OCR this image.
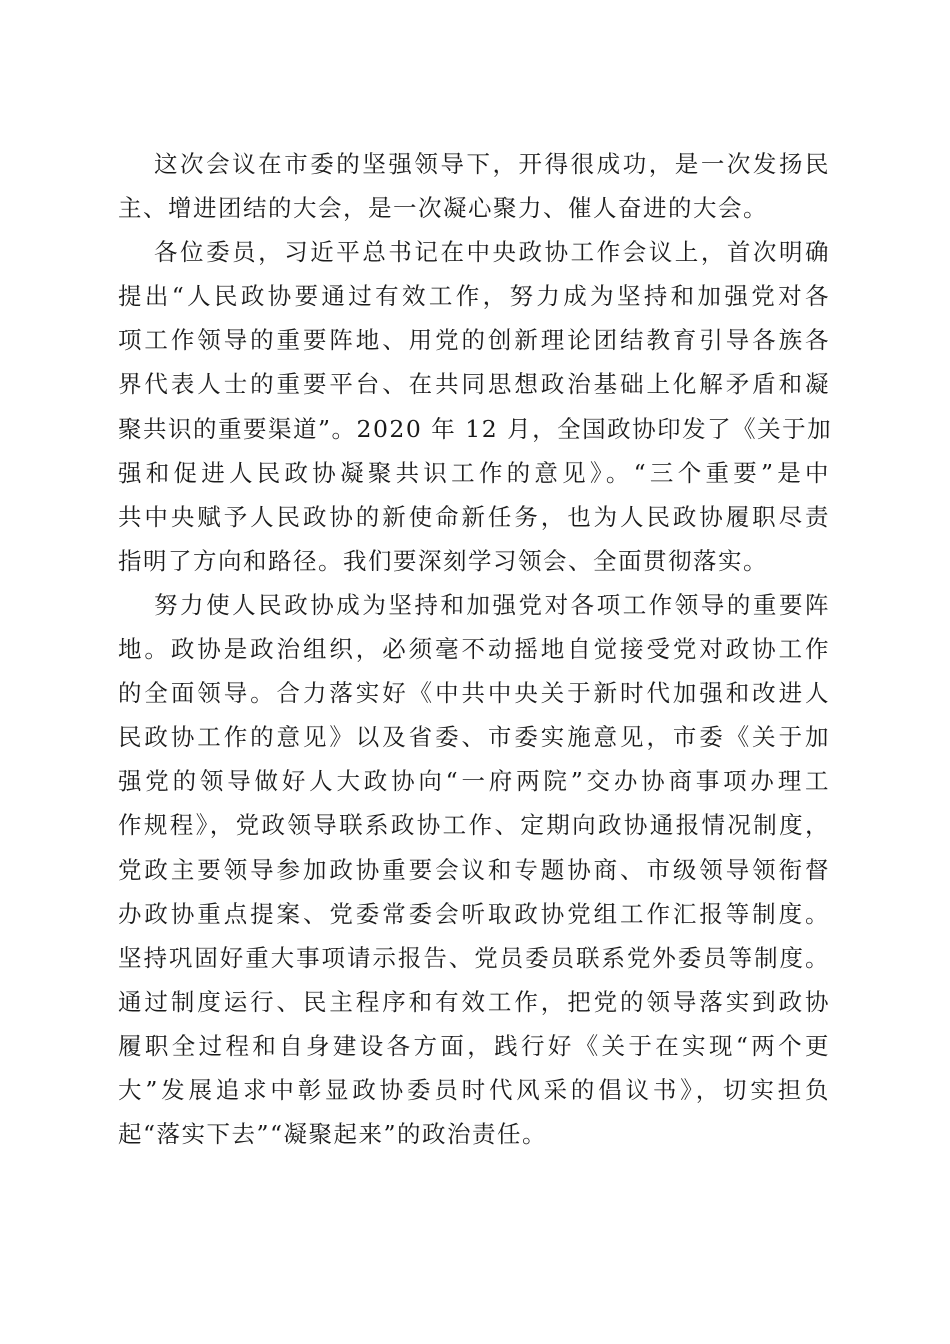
这次会议在市委的坚强领导下，开得很成功，是一次发扬民
主、增进团结的大会，是一次凝心聚力、催人奋进的大会。
各位委员，习近平总书记在中央政协工作会议上，首次明确
提出“人民政协要通过有效工作，努力成为坚持和加强党对各
项工作领导的重要阵地、用党的创新理论团结教育引导各族各
界代表人士的重要平台、在共同思想政治基础上化解矛盾和凝
聚共识的重要渠道”。2020 年 12 月，全国政协印发了《关于加
强和促进人民政协凝聚共识工作的意见》。“三个重要”是中
共中央赋予人民政协的新使命新任务，也为人民政协履职尽责
指明了方向和路径。我们要深刻学习领会、全面贯彻落实。
努力使人民政协成为坚持和加强党对各项工作领导的重要阵
地。政协是政治组织，必须毫不动摇地自觉接受党对政协工作
的全面领导。合力落实好《中共中央关于新时代加强和改进人
民政协工作的意见》以及省委、市委实施意见，市委《关于加
强党的领导做好人大政协向“一府两院”交办协商事项办理工
作规程》，党政领导联系政协工作、定期向政协通报情况制度，
党政主要领导参加政协重要会议和专题协商、市级领导领衔督
办政协重点提案、党委常委会听取政协党组工作汇报等制度。
坚持巩固好重大事项请示报告、党员委员联系党外委员等制度。
通过制度运行、民主程序和有效工作，把党的领导落实到政协
履职全过程和自身建设各方面，践行好《关于在实现“两个更
大”发展追求中彰显政协委员时代风采的倡议书》，切实担负
起“落实下去”“凝聚起来”的政治责任。
